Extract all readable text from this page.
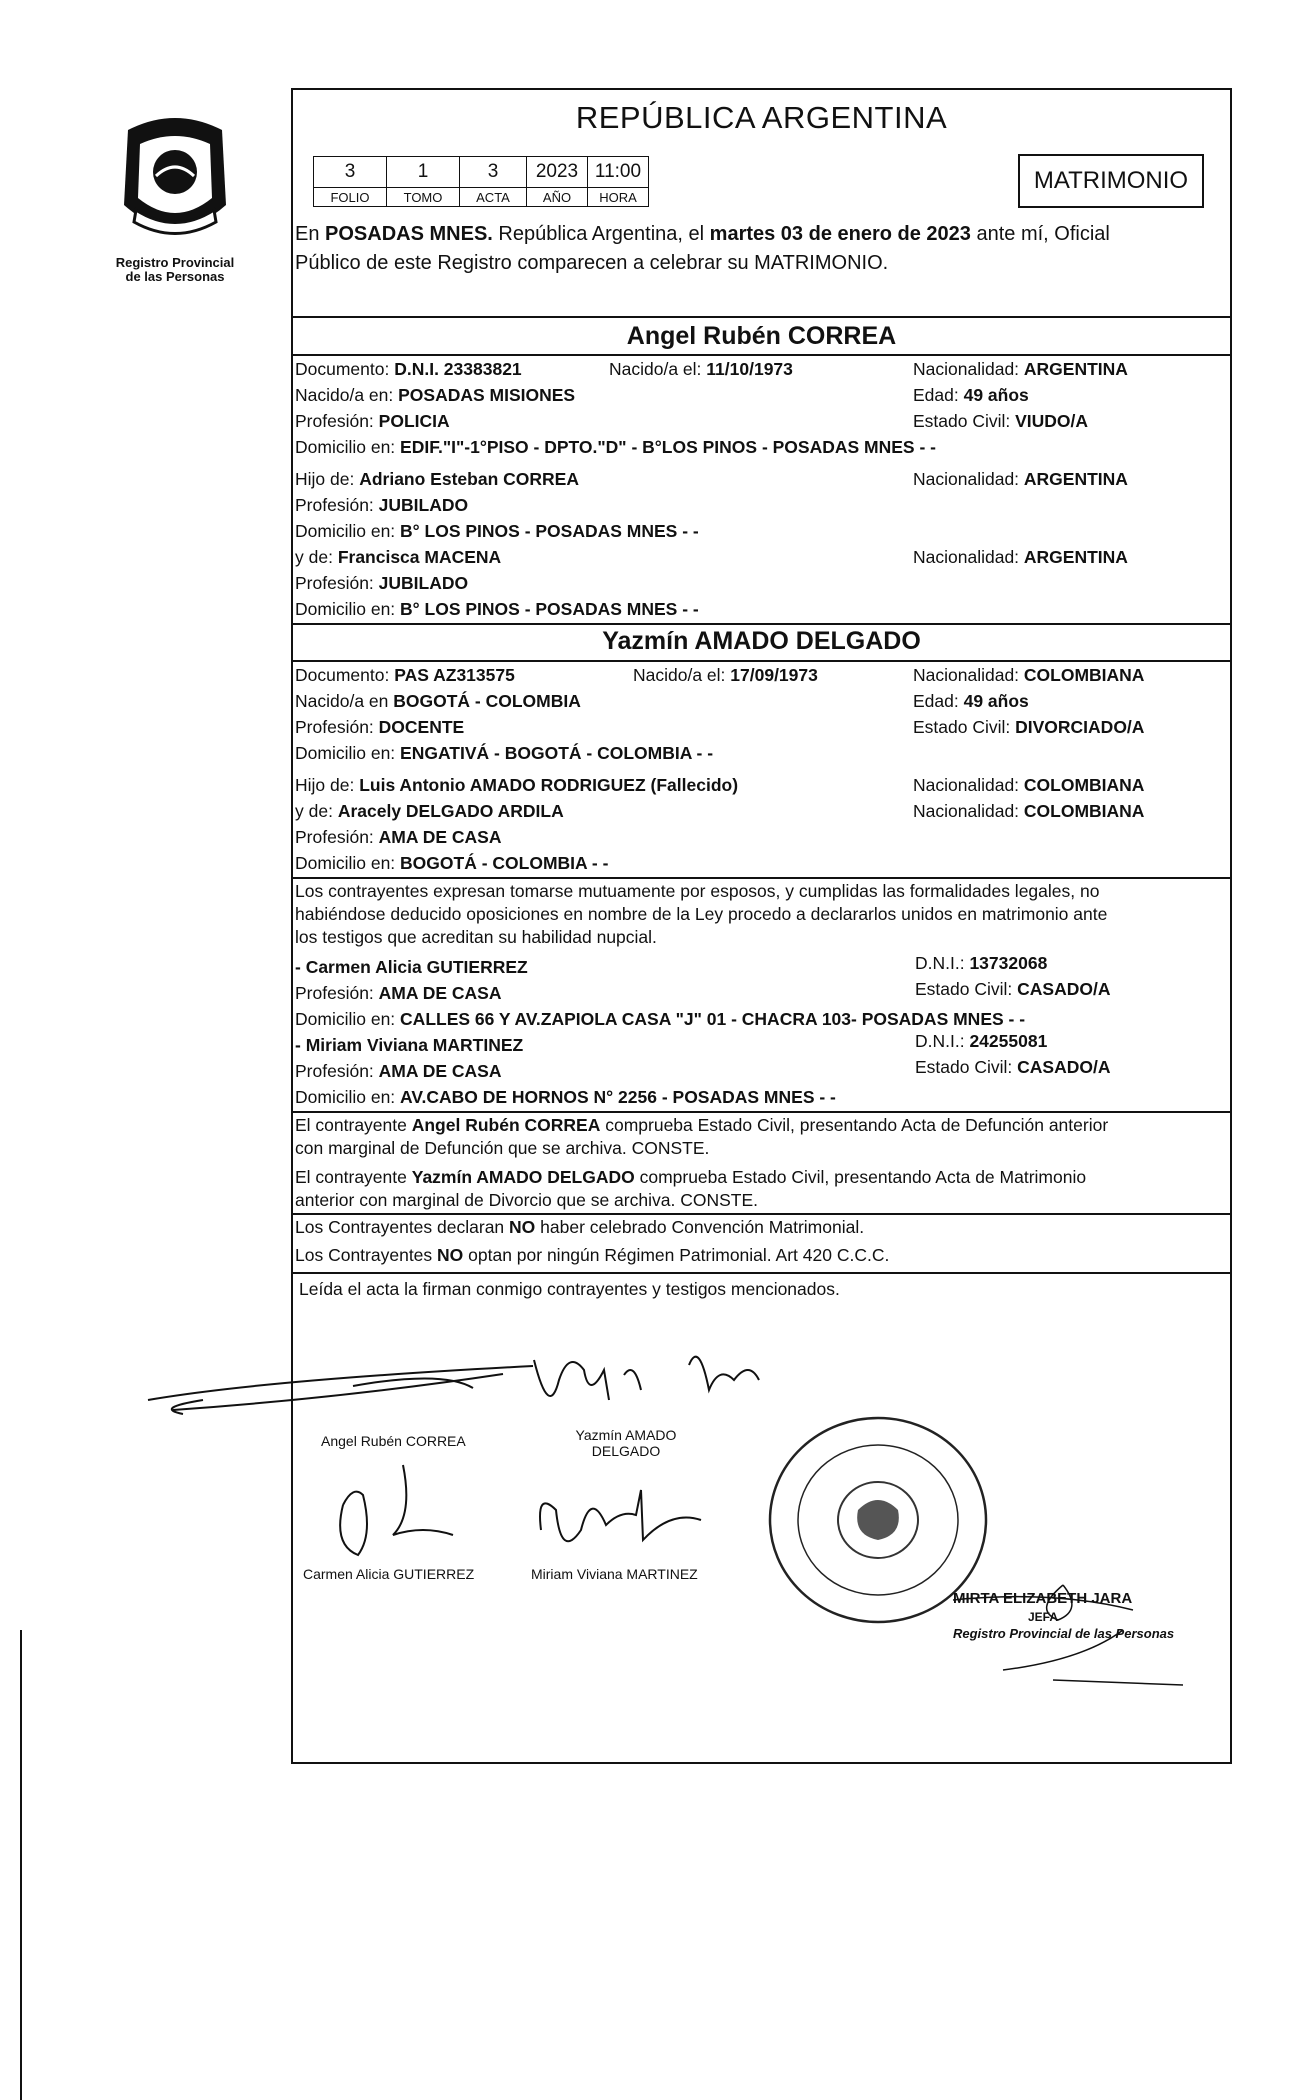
Registro Provincial
de las Personas
REPÚBLICA ARGENTINA
3	1	3	2023	11:00
FOLIO	TOMO	ACTA	AÑO	HORA
MATRIMONIO
En POSADAS MNES. República Argentina, el martes 03 de enero de 2023 ante mí, Oficial
Público de este Registro comparecen a celebrar su MATRIMONIO.
Angel Rubén CORREA
Documento: D.N.I. 23383821	Nacido/a el: 11/10/1973	Nacionalidad: ARGENTINA
Nacido/a en: POSADAS MISIONES	Edad: 49 años
Profesión: POLICIA	Estado Civil: VIUDO/A
Domicilio en: EDIF."I"-1°PISO - DPTO."D" - B°LOS PINOS - POSADAS MNES - -
Hijo de: Adriano Esteban CORREA	Nacionalidad: ARGENTINA
Profesión: JUBILADO
Domicilio en: B° LOS PINOS - POSADAS MNES - -
y de: Francisca MACENA	Nacionalidad: ARGENTINA
Profesión: JUBILADO
Domicilio en: B° LOS PINOS - POSADAS MNES - -
Yazmín AMADO DELGADO
Documento: PAS AZ313575	Nacido/a el: 17/09/1973	Nacionalidad: COLOMBIANA
Nacido/a en BOGOTÁ - COLOMBIA	Edad: 49 años
Profesión: DOCENTE	Estado Civil: DIVORCIADO/A
Domicilio en: ENGATIVÁ - BOGOTÁ - COLOMBIA - -
Hijo de: Luis Antonio AMADO RODRIGUEZ (Fallecido)	Nacionalidad: COLOMBIANA
y de: Aracely DELGADO ARDILA	Nacionalidad: COLOMBIANA
Profesión: AMA DE CASA
Domicilio en: BOGOTÁ - COLOMBIA - -
Los contrayentes expresan tomarse mutuamente por esposos, y cumplidas las formalidades legales, no
habiéndose deducido oposiciones en nombre de la Ley procedo a declararlos unidos en matrimonio ante
los testigos que acreditan su habilidad nupcial.
- Carmen Alicia GUTIERREZ	D.N.I.: 13732068
Profesión: AMA DE CASA	Estado Civil: CASADO/A
Domicilio en: CALLES 66 Y AV.ZAPIOLA CASA "J" 01 - CHACRA 103- POSADAS MNES - -
- Miriam Viviana MARTINEZ	D.N.I.: 24255081
Profesión: AMA DE CASA	Estado Civil: CASADO/A
Domicilio en: AV.CABO DE HORNOS N° 2256 - POSADAS MNES - -
El contrayente Angel Rubén CORREA comprueba Estado Civil, presentando Acta de Defunción anterior
con marginal de Defunción que se archiva. CONSTE.
El contrayente Yazmín AMADO DELGADO comprueba Estado Civil, presentando Acta de Matrimonio
anterior con marginal de Divorcio que se archiva. CONSTE.
Los Contrayentes declaran NO haber celebrado Convención Matrimonial.
Los Contrayentes NO optan por ningún Régimen Patrimonial. Art 420 C.C.C.
Leída el acta la firman conmigo contrayentes y testigos mencionados.
Angel Rubén CORREA	Yazmín AMADO
DELGADO
Carmen Alicia GUTIERREZ	Miriam Viviana MARTINEZ
MIRTA ELIZABETH JARA
JEFA
Registro Provincial de las Personas
